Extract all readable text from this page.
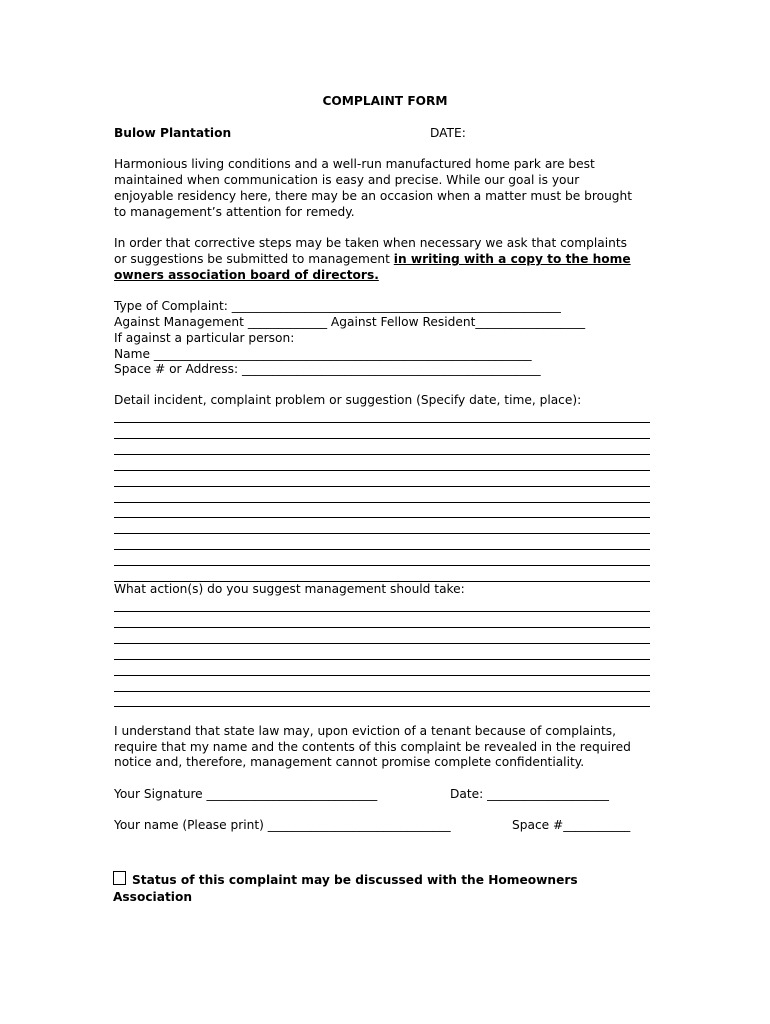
COMPLAINT FORM
Bulow Plantation	DATE:
Harmonious living conditions and a well-run manufactured home park are best
maintained when communication is easy and precise. While our goal is your
enjoyable residency here, there may be an occasion when a matter must be brought
to management’s attention for remedy.
In order that corrective steps may be taken when necessary we ask that complaints
or suggestions be submitted to management in writing with a copy to the home
owners association board of directors.
Type of Complaint: ______________________________________________________
Against Management _____________ Against Fellow Resident__________________
If against a particular person:
Name ______________________________________________________________
Space # or Address: _________________________________________________
Detail incident, complaint problem or suggestion (Specify date, time, place):
What action(s) do you suggest management should take:
I understand that state law may, upon eviction of a tenant because of complaints,
require that my name and the contents of this complaint be revealed in the required
notice and, therefore, management cannot promise complete confidentiality.
Your Signature ____________________________	Date: ____________________
Your name (Please print) ______________________________	Space #___________
Status of this complaint may be discussed with the Homeowners
Association
